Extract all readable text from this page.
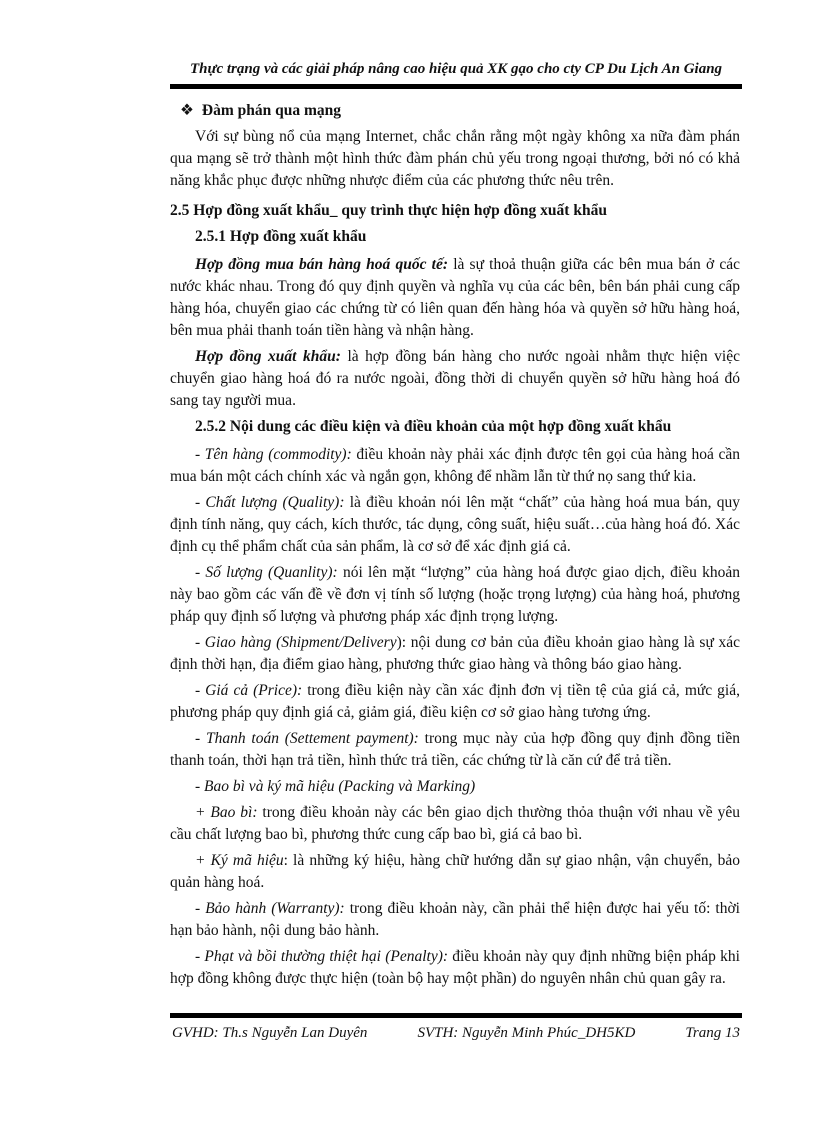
Thực trạng và các giải pháp nâng cao hiệu quả XK gạo cho cty CP Du Lịch An Giang
❖ Đàm phán qua mạng

Với sự bùng nổ của mạng Internet, chắc chắn rằng một ngày không xa nữa đàm phán qua mạng sẽ trở thành một hình thức đàm phán chủ yếu trong ngoại thương, bởi nó có khả năng khắc phục được những nhược điểm của các phương thức nêu trên.

2.5 Hợp đồng xuất khẩu_ quy trình thực hiện hợp đồng xuất khẩu
2.5.1 Hợp đồng xuất khẩu

Hợp đồng mua bán hàng hoá quốc tế: là sự thoả thuận giữa các bên mua bán ở các nước khác nhau. Trong đó quy định quyền và nghĩa vụ của các bên, bên bán phải cung cấp hàng hóa, chuyển giao các chứng từ có liên quan đến hàng hóa và quyền sở hữu hàng hoá, bên mua phải thanh toán tiền hàng và nhận hàng.

Hợp đồng xuất khẩu: là hợp đồng bán hàng cho nước ngoài nhằm thực hiện việc chuyển giao hàng hoá đó ra nước ngoài, đồng thời di chuyển quyền sở hữu hàng hoá đó sang tay người mua.

2.5.2 Nội dung các điều kiện và điều khoản của một hợp đồng xuất khẩu

- Tên hàng (commodity): điều khoản này phải xác định được tên gọi của hàng hoá cần mua bán một cách chính xác và ngắn gọn, không để nhầm lẫn từ thứ nọ sang thứ kia.

- Chất lượng (Quality): là điều khoản nói lên mặt “chất” của hàng hoá mua bán, quy định tính năng, quy cách, kích thước, tác dụng, công suất, hiệu suất…của hàng hoá đó. Xác định cụ thể phẩm chất của sản phẩm, là cơ sở để xác định giá cả.

- Số lượng (Quanlity): nói lên mặt “lượng” của hàng hoá được giao dịch, điều khoản này bao gồm các vấn đề về đơn vị tính số lượng (hoặc trọng lượng) của hàng hoá, phương pháp quy định số lượng và phương pháp xác định trọng lượng.

- Giao hàng (Shipment/Delivery): nội dung cơ bản của điều khoản giao hàng là sự xác định thời hạn, địa điểm giao hàng, phương thức giao hàng và thông báo giao hàng.

- Giá cả (Price): trong điều kiện này cần xác định đơn vị tiền tệ của giá cả, mức giá, phương pháp quy định giá cả, giảm giá, điều kiện cơ sở giao hàng tương ứng.

- Thanh toán (Settement payment): trong mục này của hợp đồng quy định đồng tiền thanh toán, thời hạn trả tiền, hình thức trả tiền, các chứng từ là căn cứ để trả tiền.

- Bao bì và ký mã hiệu (Packing và Marking)

+ Bao bì: trong điều khoản này các bên giao dịch thường thỏa thuận với nhau về yêu cầu chất lượng bao bì, phương thức cung cấp bao bì, giá cả bao bì.

+ Ký mã hiệu: là những ký hiệu, hàng chữ hướng dẫn sự giao nhận, vận chuyển, bảo quản hàng hoá.

- Bảo hành (Warranty): trong điều khoản này, cần phải thể hiện được hai yếu tố: thời hạn bảo hành, nội dung bảo hành.

- Phạt và bồi thường thiệt hại (Penalty): điều khoản này quy định những biện pháp khi hợp đồng không được thực hiện (toàn bộ hay một phần) do nguyên nhân chủ quan gây ra.

GVHD: Th.s Nguyễn Lan Duyên	SVTH: Nguyễn Minh Phúc_DH5KD	Trang 13
